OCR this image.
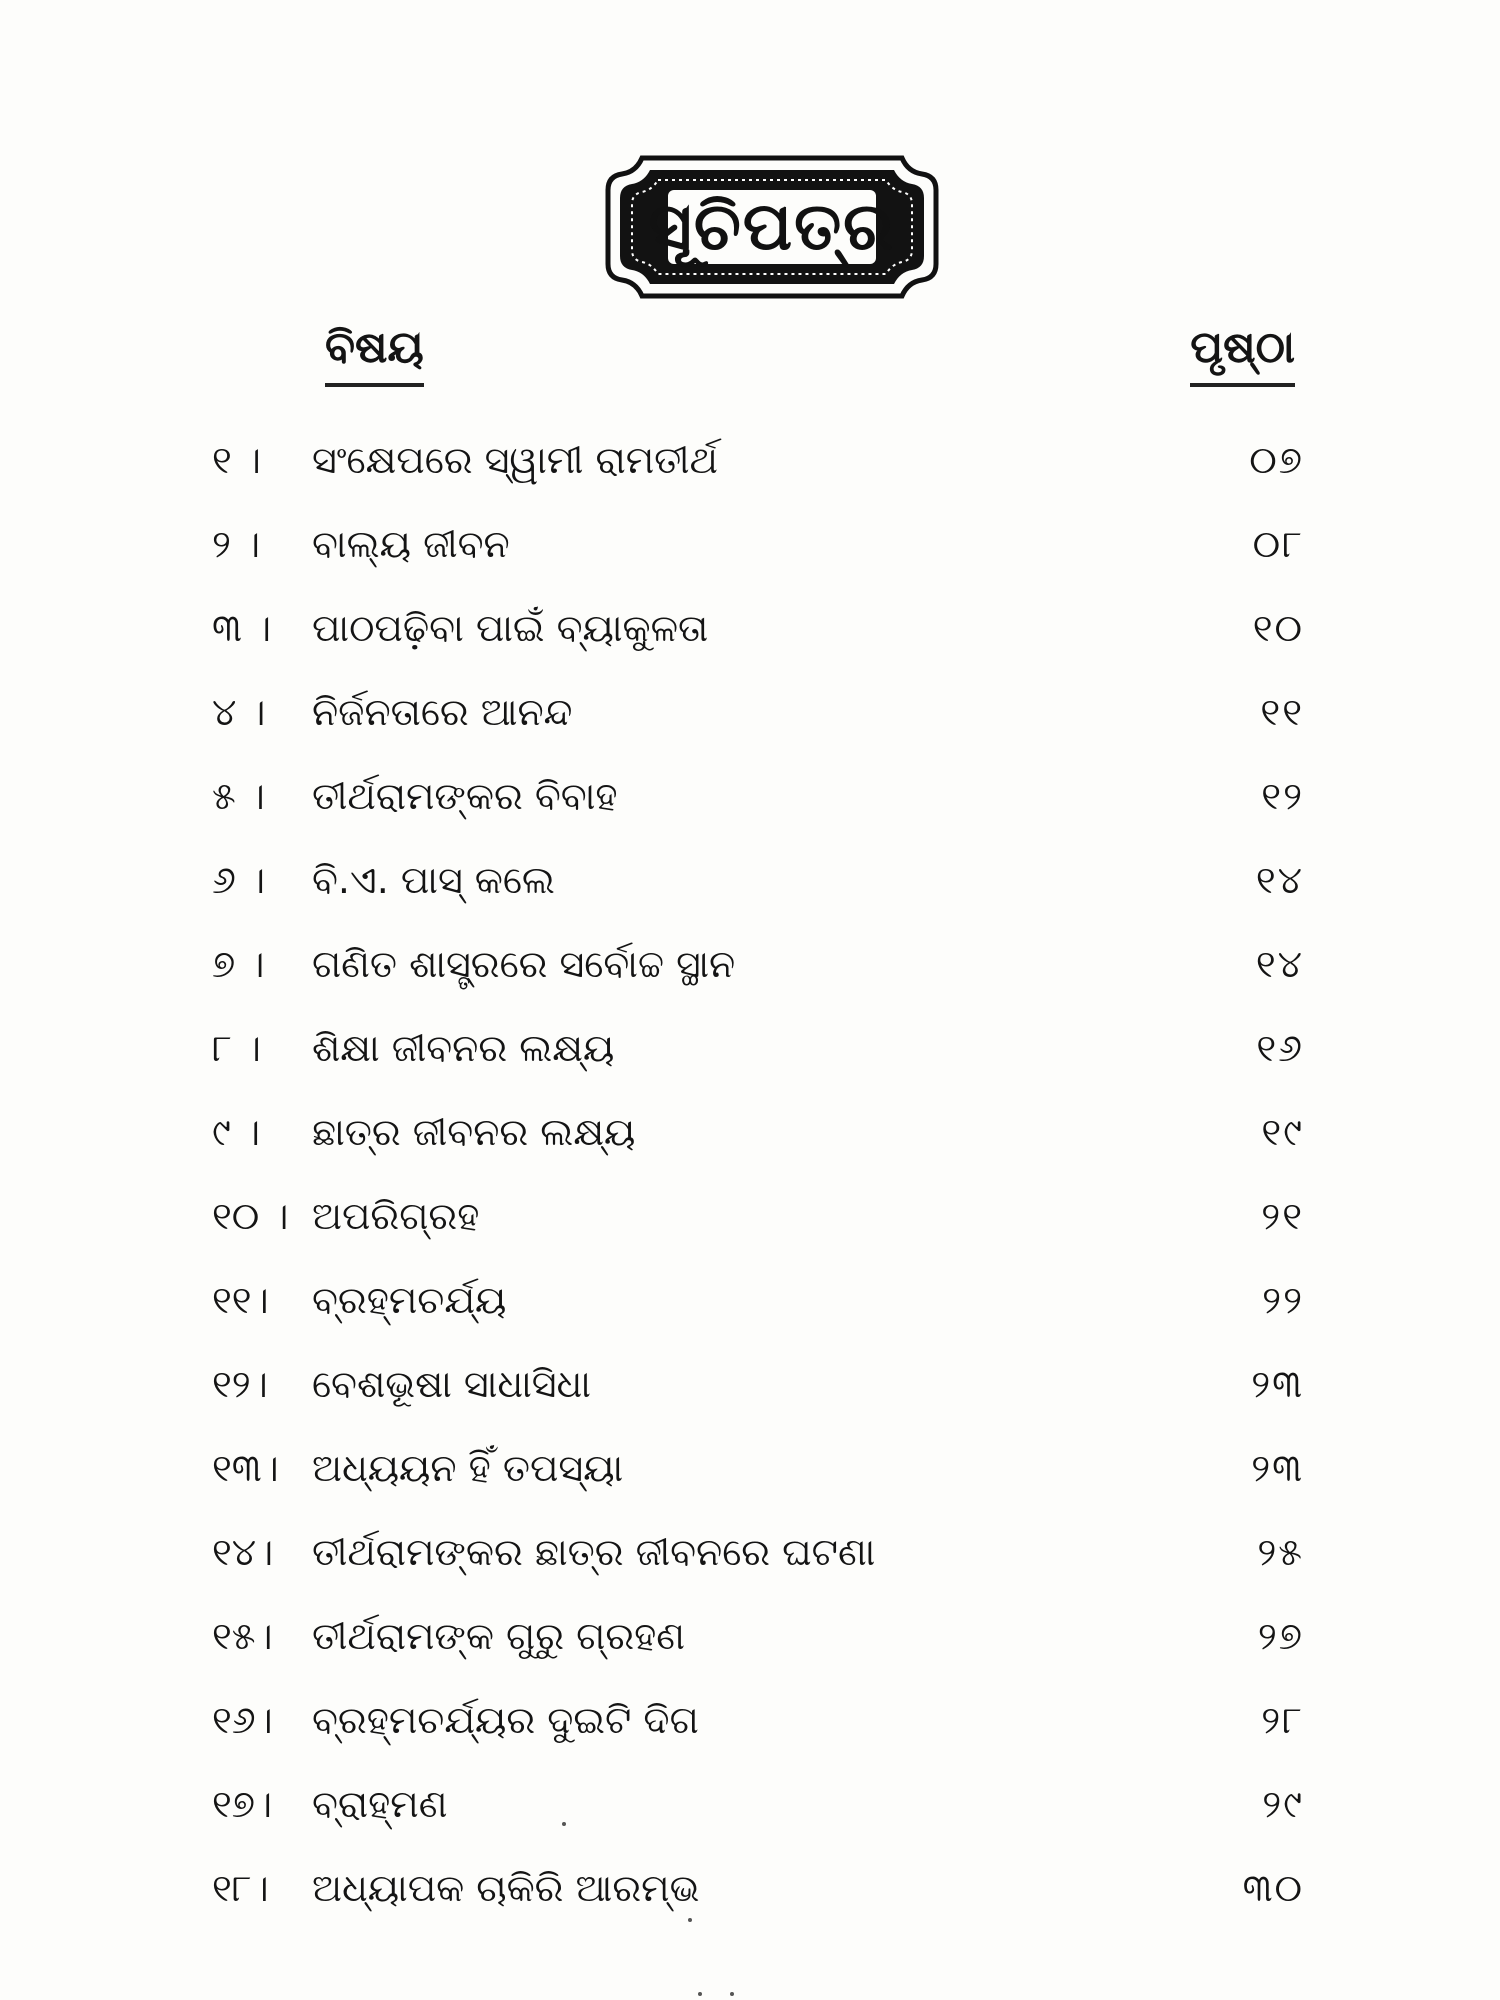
ସୂଚିପତ୍ର
ବିଷୟ	ପୃଷ୍ଠା
୧ ।	ସଂକ୍ଷେପରେ ସ୍ୱାମୀ ରାମତୀର୍ଥ	୦୭
୨ ।	ବାଲ୍ୟ ଜୀବନ	୦୮
୩ ।	ପାଠପଢ଼ିବା ପାଇଁ ବ୍ୟାକୁଳତା	୧୦
୪ ।	ନିର୍ଜନତାରେ ଆନନ୍ଦ	୧୧
୫ ।	ତୀର୍ଥରାମଙ୍କର ବିବାହ	୧୨
୬ ।	ବି.ଏ. ପାସ୍ କଲେ	୧୪
୭ ।	ଗଣିତ ଶାସ୍ତ୍ରରେ ସର୍ବୋଚ୍ଚ ସ୍ଥାନ	୧୪
୮ ।	ଶିକ୍ଷା ଜୀବନର ଲକ୍ଷ୍ୟ	୧୬
୯ ।	ଛାତ୍ର ଜୀବନର ଲକ୍ଷ୍ୟ	୧୯
୧୦ । ଅପରିଗ୍ରହ	୨୧
୧୧।	ବ୍ରହ୍ମଚର୍ଯ୍ୟ	୨୨
୧୨।	ବେଶଭୂଷା ସାଧାସିଧା	୨୩
୧୩। ଅଧ୍ୟୟନ ହିଁ ତପସ୍ୟା	୨୩
୧୪।	ତୀର୍ଥରାମଙ୍କର ଛାତ୍ର ଜୀବନରେ ଘଟଣା	୨୫
୧୫।	ତୀର୍ଥରାମଙ୍କ ଗୁରୁ ଗ୍ରହଣ	୨୭
୧୬।	ବ୍ରହ୍ମଚର୍ଯ୍ୟର ଦୁଇଟି ଦିଗ	୨୮
୧୭।	ବ୍ରାହ୍ମଣ	୨୯
୧୮।	ଅଧ୍ୟାପକ ଚାକିରି ଆରମ୍ଭ	୩୦
